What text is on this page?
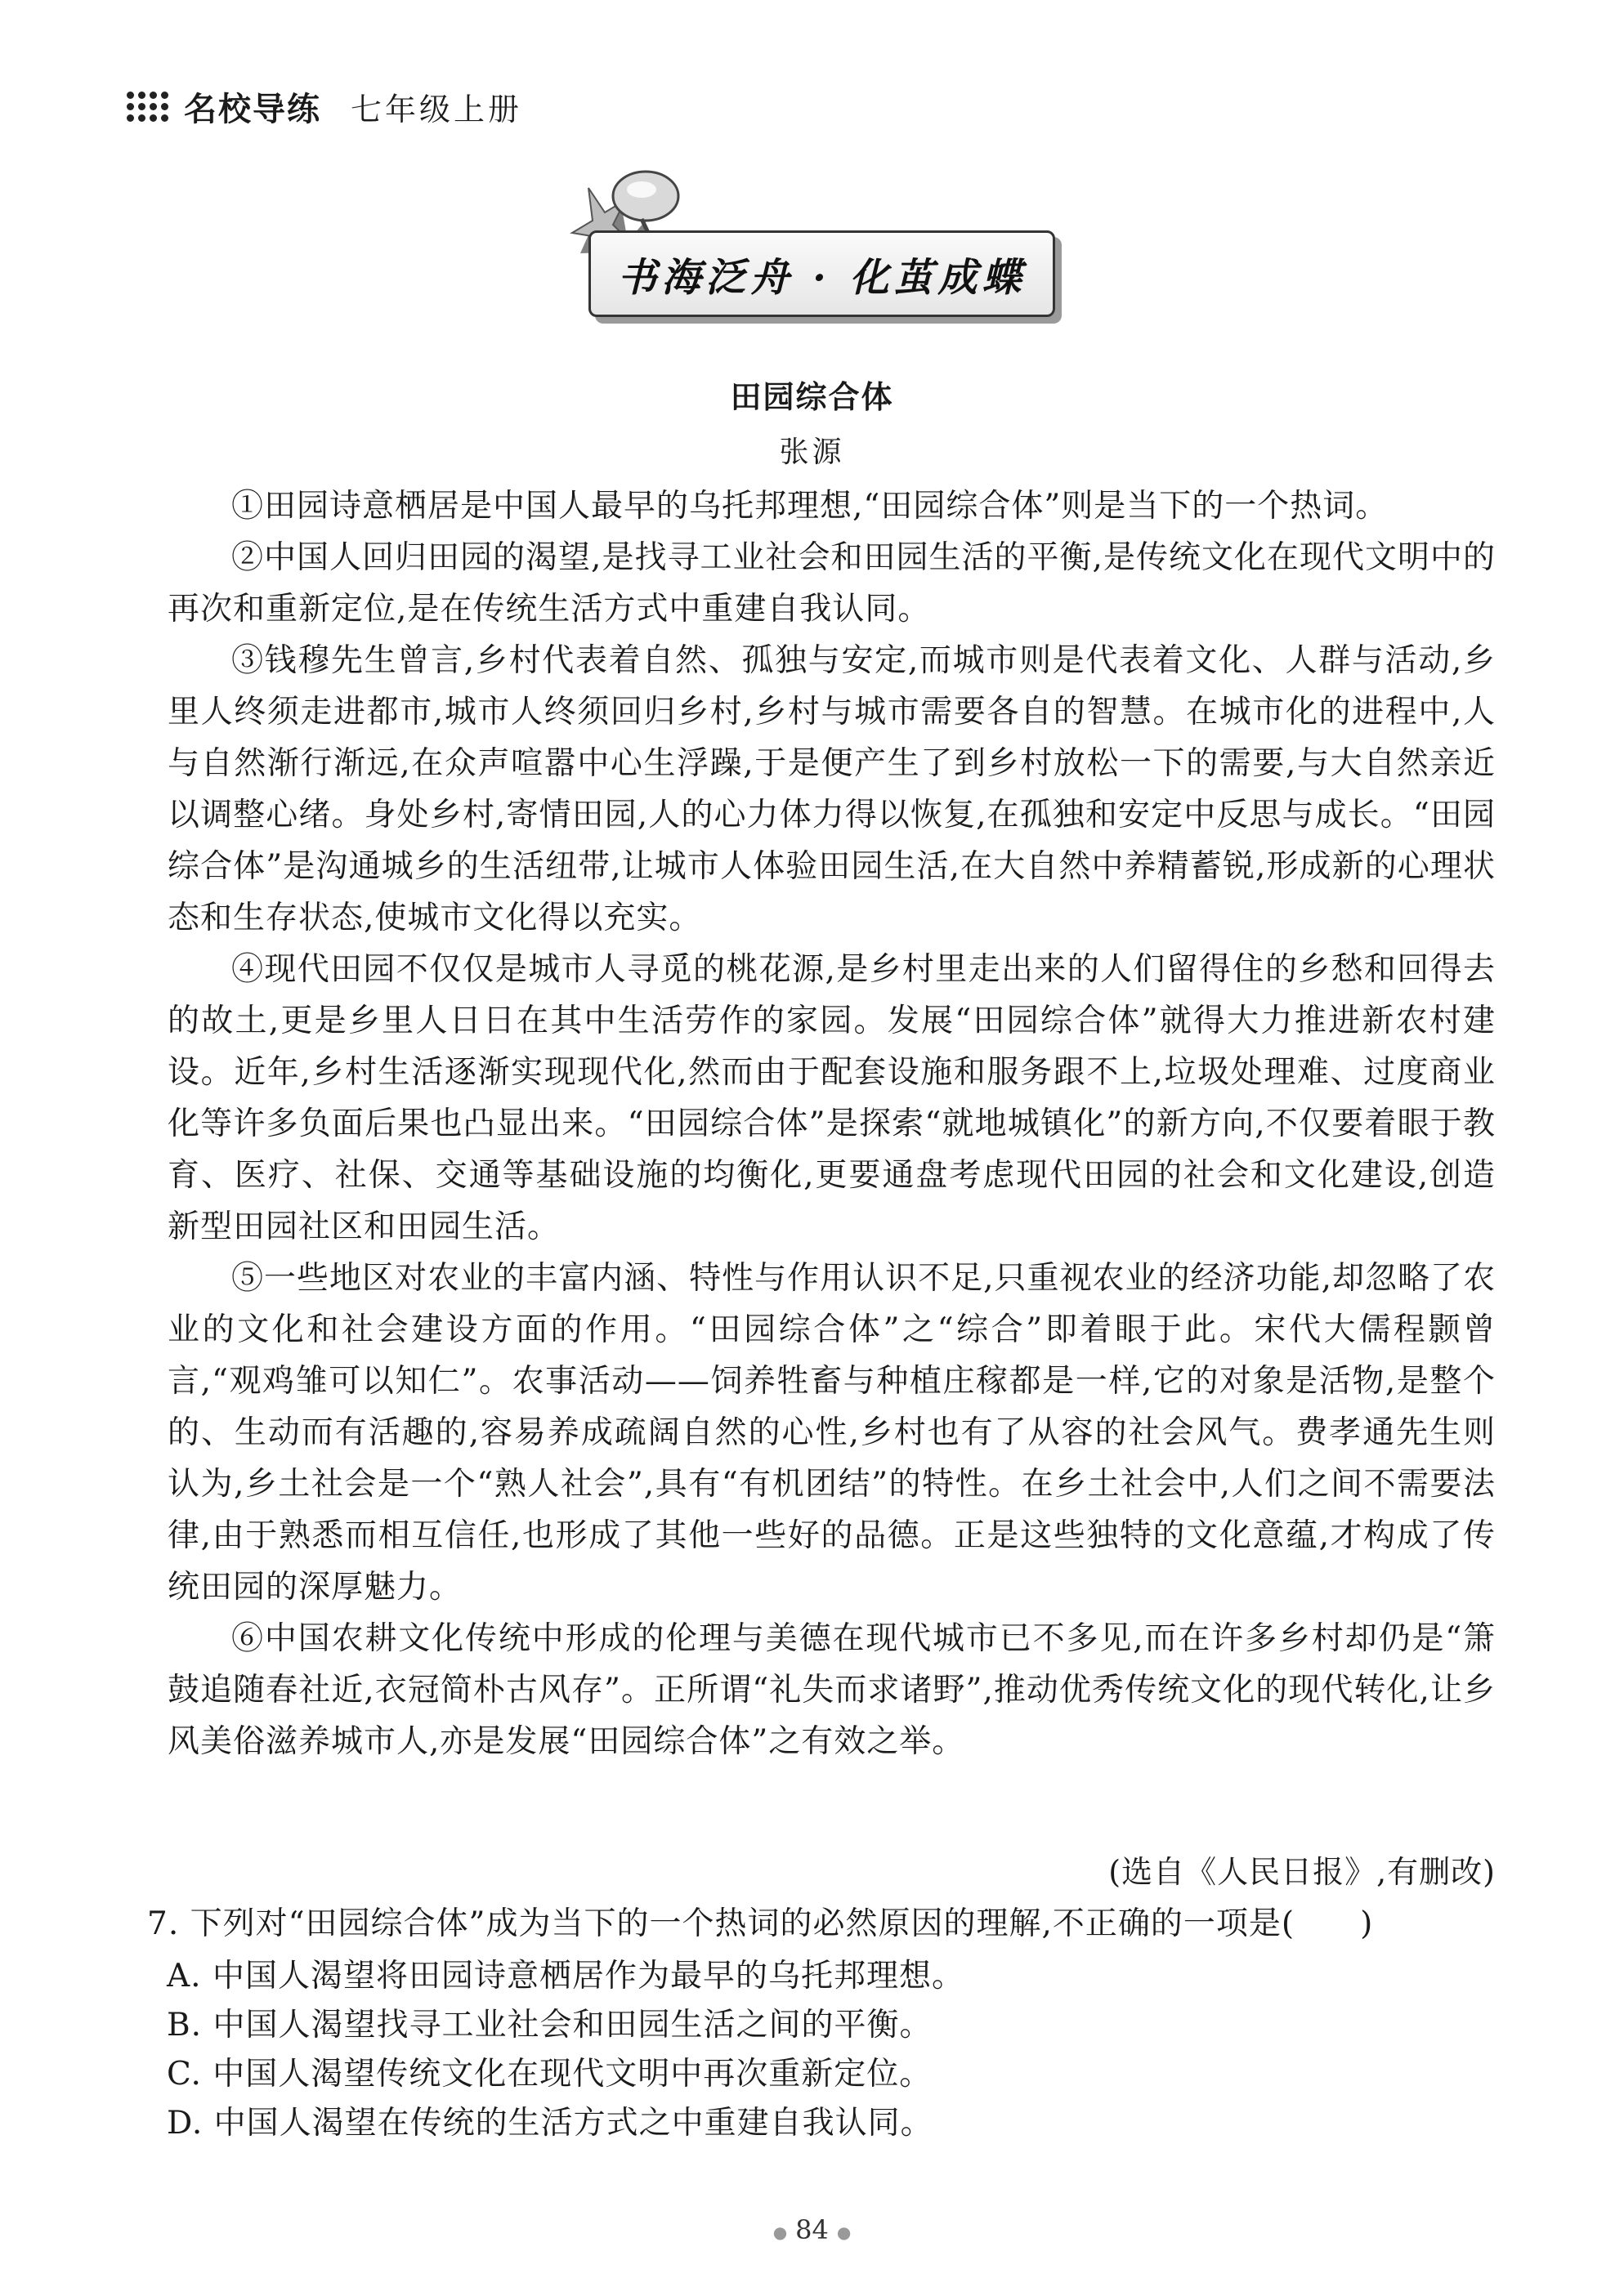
名校导练 七年级上册
书海泛舟 · 化茧成蝶
田园综合体
张源

①田园诗意栖居是中国人最早的乌托邦理想,“田园综合体”则是当下的一个热词。

②中国人回归田园的渴望,是找寻工业社会和田园生活的平衡,是传统文化在现代文明中的再次和重新定位,是在传统生活方式中重建自我认同。

③钱穆先生曾言,乡村代表着自然、孤独与安定,而城市则是代表着文化、人群与活动,乡里人终须走进都市,城市人终须回归乡村,乡村与城市需要各自的智慧。在城市化的进程中,人与自然渐行渐远,在众声喧嚣中心生浮躁,于是便产生了到乡村放松一下的需要,与大自然亲近以调整心绪。身处乡村,寄情田园,人的心力体力得以恢复,在孤独和安定中反思与成长。“田园综合体”是沟通城乡的生活纽带,让城市人体验田园生活,在大自然中养精蓄锐,形成新的心理状态和生存状态,使城市文化得以充实。

④现代田园不仅仅是城市人寻觅的桃花源,是乡村里走出来的人们留得住的乡愁和回得去的故土,更是乡里人日日在其中生活劳作的家园。发展“田园综合体”就得大力推进新农村建设。近年,乡村生活逐渐实现现代化,然而由于配套设施和服务跟不上,垃圾处理难、过度商业化等许多负面后果也凸显出来。“田园综合体”是探索“就地城镇化”的新方向,不仅要着眼于教育、医疗、社保、交通等基础设施的均衡化,更要通盘考虑现代田园的社会和文化建设,创造新型田园社区和田园生活。

⑤一些地区对农业的丰富内涵、特性与作用认识不足,只重视农业的经济功能,却忽略了农业的文化和社会建设方面的作用。“田园综合体”之“综合”即着眼于此。宋代大儒程颢曾言,“观鸡雏可以知仁”。农事活动——饲养牲畜与种植庄稼都是一样,它的对象是活物,是整个的、生动而有活趣的,容易养成疏阔自然的心性,乡村也有了从容的社会风气。费孝通先生则认为,乡土社会是一个“熟人社会”,具有“有机团结”的特性。在乡土社会中,人们之间不需要法律,由于熟悉而相互信任,也形成了其他一些好的品德。正是这些独特的文化意蕴,才构成了传统田园的深厚魅力。

⑥中国农耕文化传统中形成的伦理与美德在现代城市已不多见,而在许多乡村却仍是“箫鼓追随春社近,衣冠简朴古风存”。正所谓“礼失而求诸野”,推动优秀传统文化的现代转化,让乡风美俗滋养城市人,亦是发展“田园综合体”之有效之举。

(选自《人民日报》,有删改)

7. 下列对“田园综合体”成为当下的一个热词的必然原因的理解,不正确的一项是( )

A. 中国人渴望将田园诗意栖居作为最早的乌托邦理想。

B. 中国人渴望找寻工业社会和田园生活之间的平衡。

C. 中国人渴望传统文化在现代文明中再次重新定位。

D. 中国人渴望在传统的生活方式之中重建自我认同。

● 84 ●
